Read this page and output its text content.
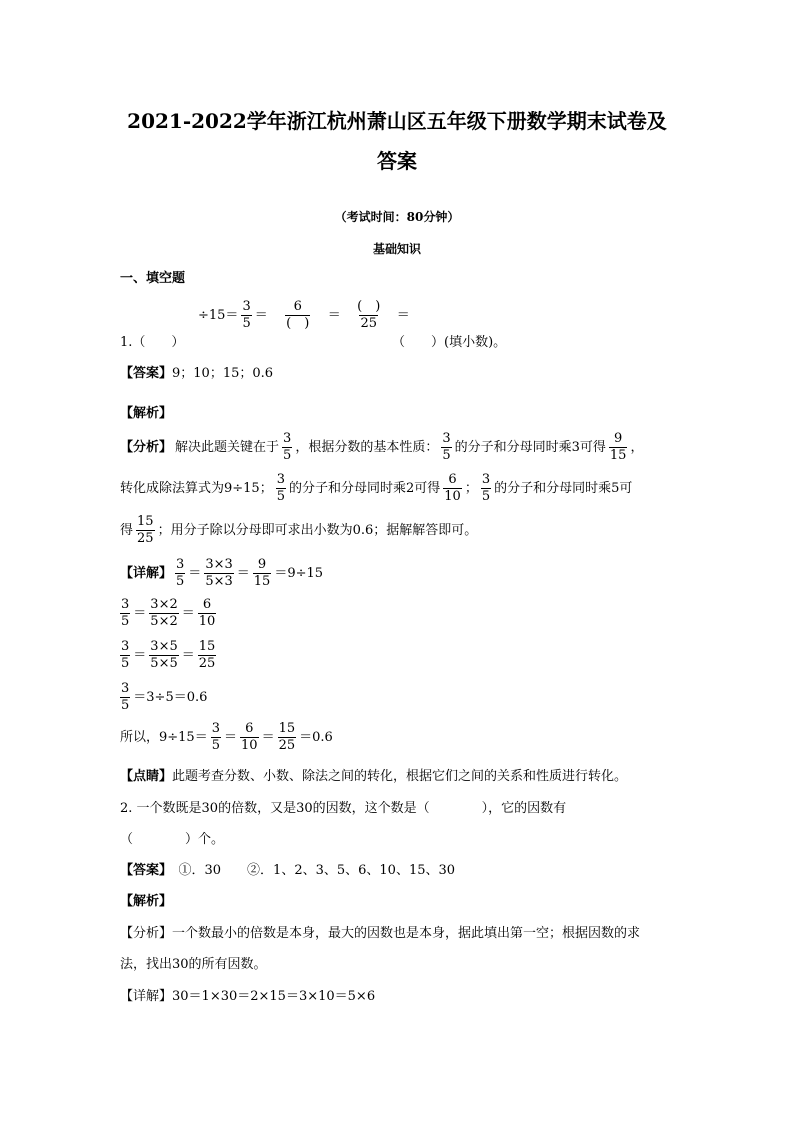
2021-2022学年浙江杭州萧山区五年级下册数学期末试卷及
答案
（考试时间：80分钟）
基础知识
一、填空题
$\div 15= \frac{3}{5} = \frac{6}{( )} = \frac{( )}{25}$ ＝
1.（　　）	（　　）(填小数)。
【答案】9；10；15；0.6
【解析】
【分析】 解决此题关键在于 $\frac{3}{5}$ ，根据分数的基本性质： $\frac{3}{5}$ 的分子和分母同时乘3可得 $\frac{9}{15}$ ，
转化成除法算式为9÷15； $\frac{3}{5}$ 的分子和分母同时乘2可得 $\frac{6}{10}$ ； $\frac{3}{5}$ 的分子和分母同时乘5可
得 $\frac{15}{25}$ ；用分子除以分母即可求出小数为0.6；据解解答即可。
【详解】 $\frac{3}{5} = \frac{3\times 3}{5\times 3} = \frac{9}{15} =9\div 15$
$\frac{3}{5} = \frac{3\times 2}{5\times 2} = \frac{6}{10}$
$\frac{3}{5} = \frac{3\times 5}{5\times 5} = \frac{15}{25}$
$\frac{3}{5} =3\div 5=0.6$
所以，$9\div 15= \frac{3}{5} = \frac{6}{10} = \frac{15}{25} =0.6$
【点睛】此题考查分数、小数、除法之间的转化，根据它们之间的关系和性质进行转化。
2. 一个数既是30的倍数，又是30的因数，这个数是（　　　　），它的因数有
（　　　　）个。
【答案】　①．30　　②．1、2、3、5、6、10、15、30
【解析】
【分析】一个数最小的倍数是本身，最大的因数也是本身，据此填出第一空；根据因数的求
法，找出30的所有因数。
【详解】30＝1×30＝2×15＝3×10＝5×6
